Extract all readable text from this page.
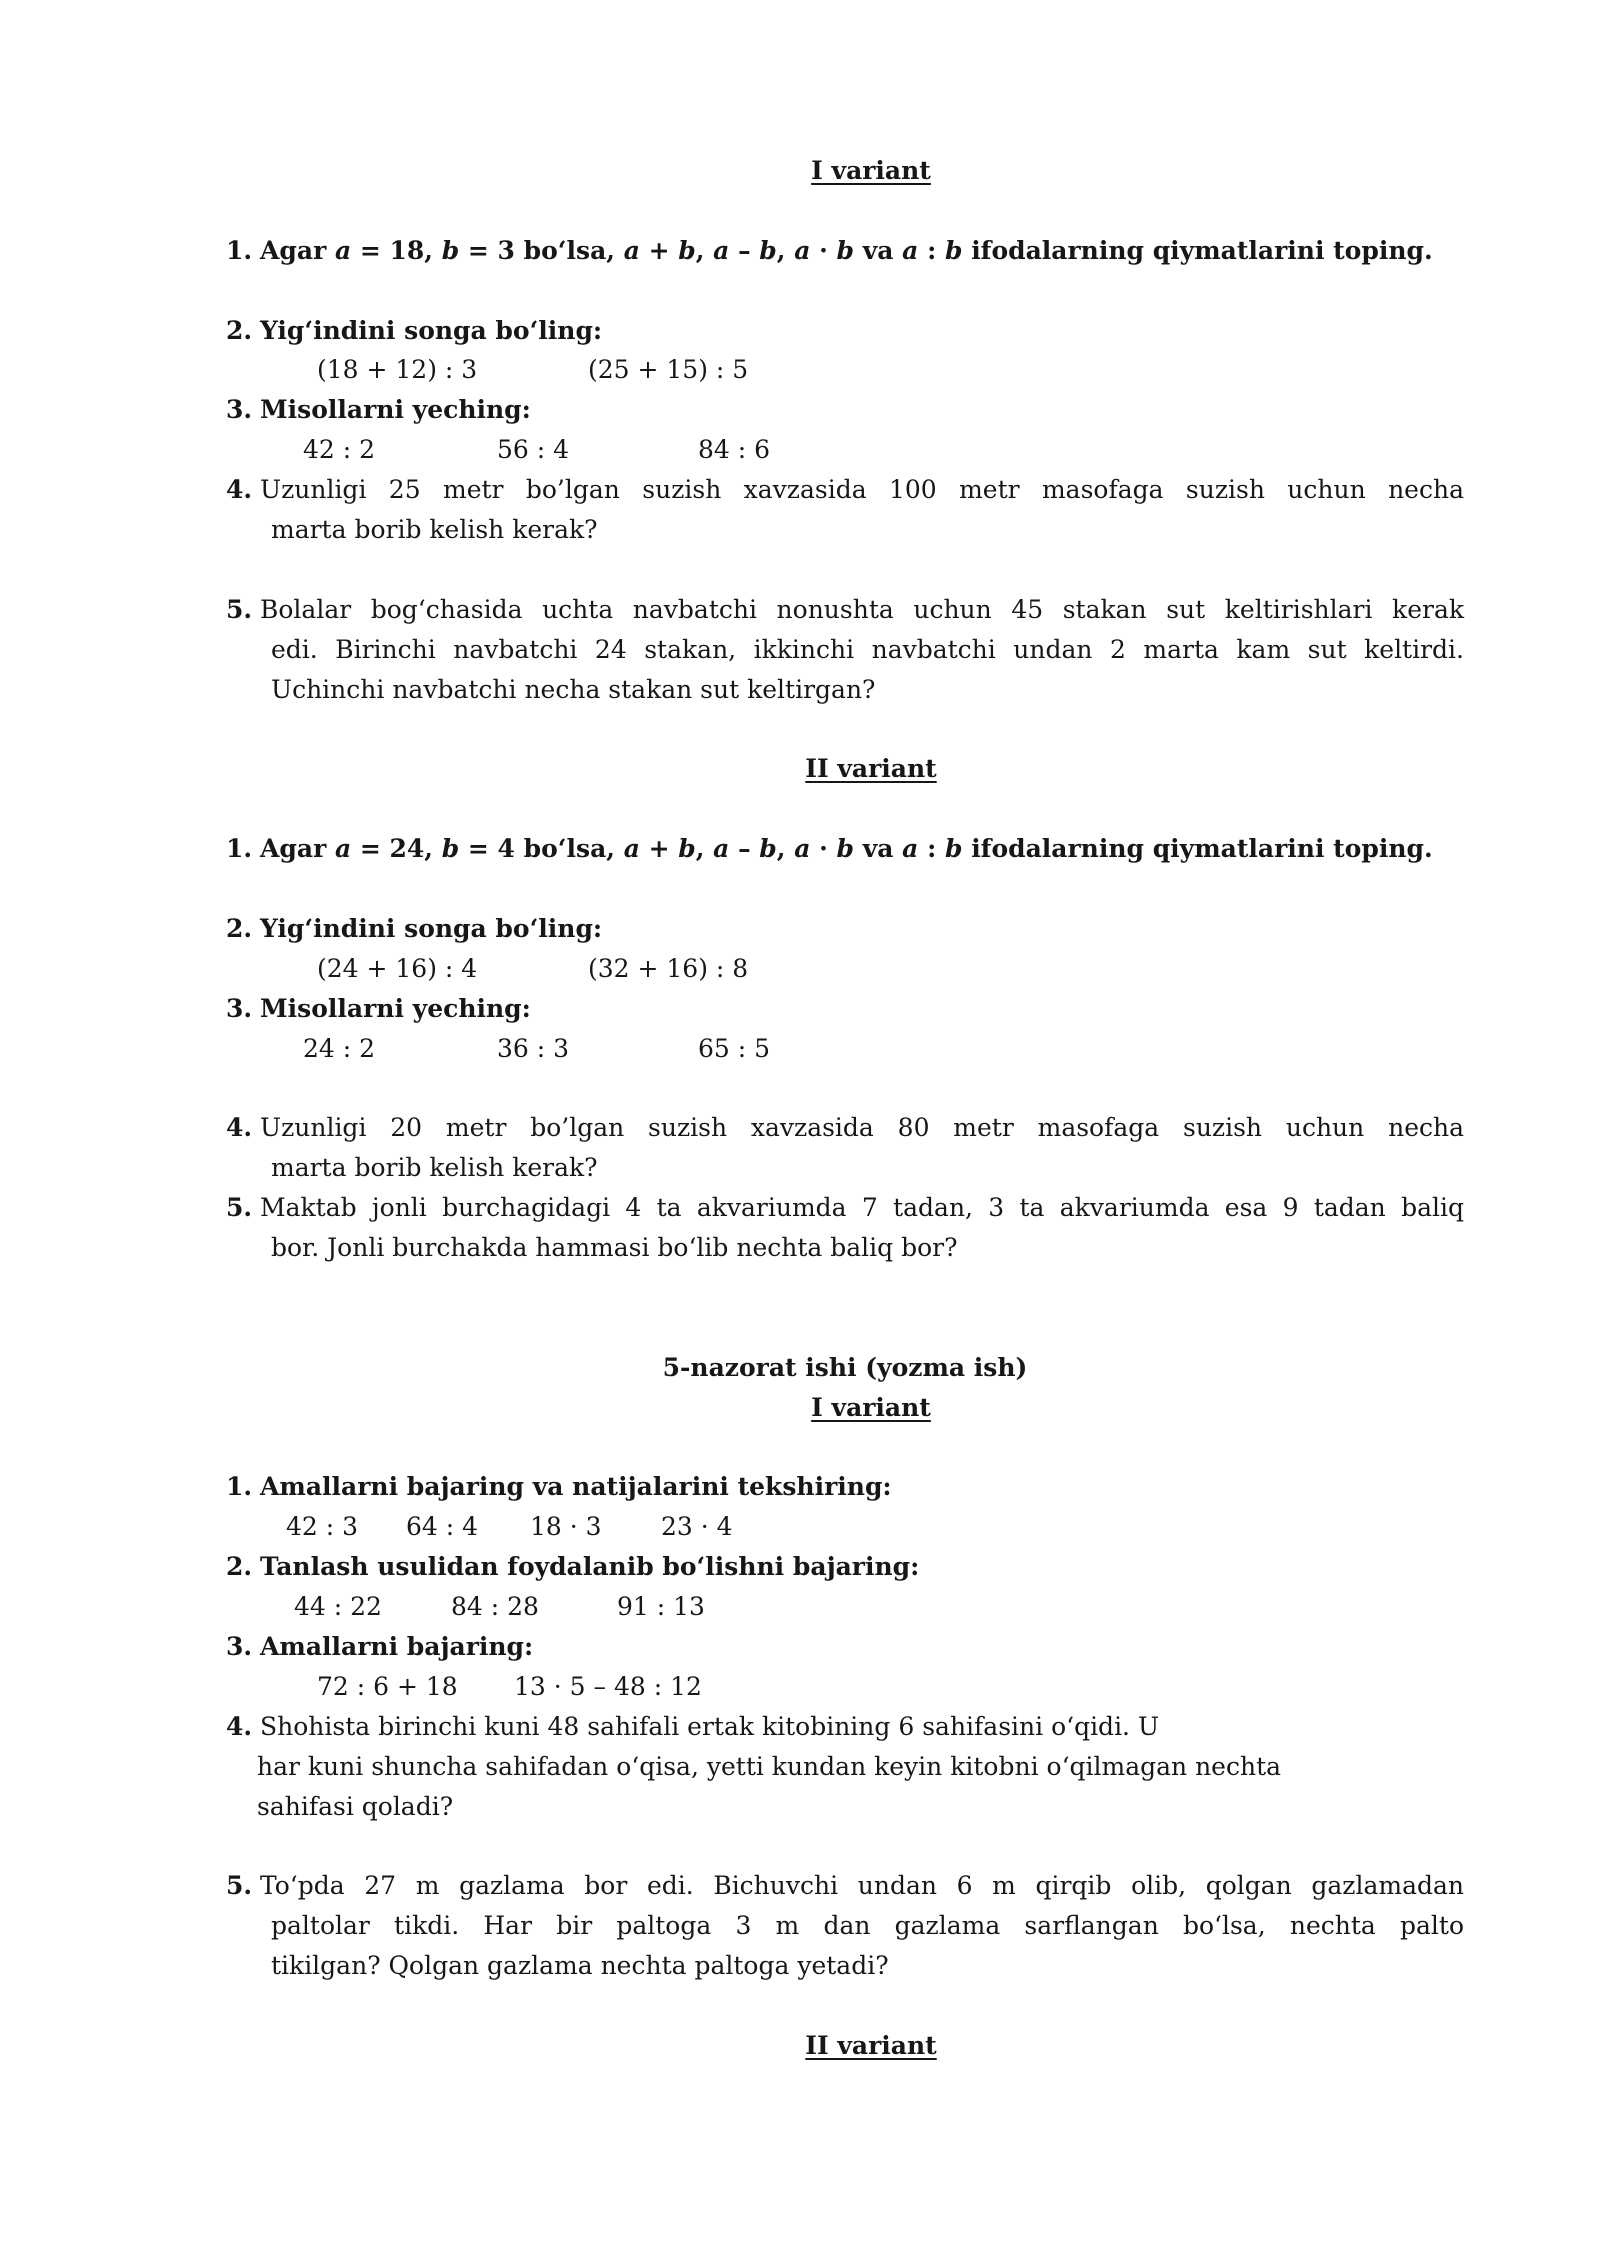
I variant
1. Agar a = 18, b = 3 bo‘lsa, a + b, a – b, a · b va a : b ifodalarning qiymatlarini toping.
2. Yig‘indini songa bo‘ling:
(18 + 12) : 3	(25 + 15) : 5
3. Misollarni yeching:
42 : 2	56 : 4	84 : 6
4. Uzunligi 25 metr bo’lgan suzish xavzasida 100 metr masofaga suzish uchun necha
marta borib kelish kerak?
5. Bolalar bog‘chasida uchta navbatchi nonushta uchun 45 stakan sut keltirishlari kerak
edi. Birinchi navbatchi 24 stakan, ikkinchi navbatchi undan 2 marta kam sut keltirdi.
Uchinchi navbatchi necha stakan sut keltirgan?
II variant
1. Agar a = 24, b = 4 bo‘lsa, a + b, a – b, a · b va a : b ifodalarning qiymatlarini toping.
2. Yig‘indini songa bo‘ling:
(24 + 16) : 4	(32 + 16) : 8
3. Misollarni yeching:
24 : 2	36 : 3	65 : 5
4. Uzunligi 20 metr bo’lgan suzish xavzasida 80 metr masofaga suzish uchun necha
marta borib kelish kerak?
5. Maktab jonli burchagidagi 4 ta akvariumda 7 tadan, 3 ta akvariumda esa 9 tadan baliq
bor. Jonli burchakda hammasi bo‘lib nechta baliq bor?
5-nazorat ishi (yozma ish)
I variant
1. Amallarni bajaring va natijalarini tekshiring:
42 : 3 64 : 4 18 · 3 23 · 4
2. Tanlash usulidan foydalanib bo‘lishni bajaring:
44 : 22	84 : 28	91 : 13
3. Amallarni bajaring:
72 : 6 + 18 13 · 5 – 48 : 12
4. Shohista birinchi kuni 48 sahifali ertak kitobining 6 sahifasini o‘qidi. U
har kuni shuncha sahifadan o‘qisa, yetti kundan keyin kitobni o‘qilmagan nechta
sahifasi qoladi?
5. To‘pda 27 m gazlama bor edi. Bichuvchi undan 6 m qirqib olib, qolgan gazlamadan
paltolar tikdi. Har bir paltoga 3 m dan gazlama sarflangan bo‘lsa, nechta palto
tikilgan? Qolgan gazlama nechta paltoga yetadi?
II variant
